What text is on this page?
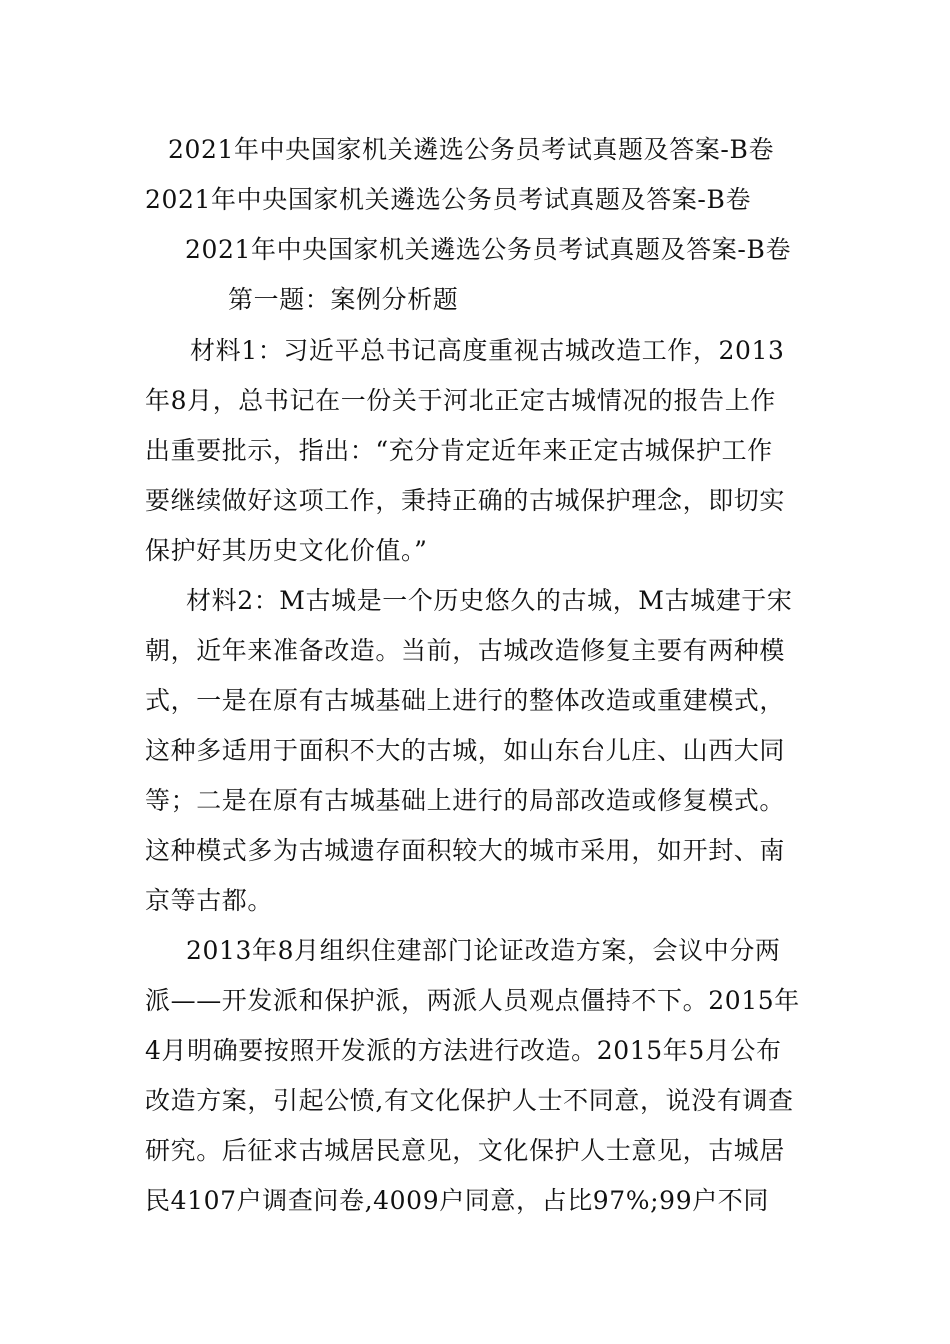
2021年中央国家机关遴选公务员考试真题及答案-B卷
2021年中央国家机关遴选公务员考试真题及答案-B卷
2021年中央国家机关遴选公务员考试真题及答案-B卷
第一题：案例分析题
材料1：习近平总书记高度重视古城改造工作，2013
年8月，总书记在一份关于河北正定古城情况的报告上作
出重要批示，指出：“充分肯定近年来正定古城保护工作
要继续做好这项工作，秉持正确的古城保护理念，即切实
保护好其历史文化价值。”
材料2：M古城是一个历史悠久的古城，M古城建于宋
朝，近年来准备改造。当前，古城改造修复主要有两种模
式，一是在原有古城基础上进行的整体改造或重建模式，
这种多适用于面积不大的古城，如山东台儿庄、山西大同
等；二是在原有古城基础上进行的局部改造或修复模式。
这种模式多为古城遗存面积较大的城市采用，如开封、南
京等古都。
2013年8月组织住建部门论证改造方案，会议中分两
派——开发派和保护派，两派人员观点僵持不下。2015年
4月明确要按照开发派的方法进行改造。2015年5月公布
改造方案，引起公愤,有文化保护人士不同意，说没有调查
研究。后征求古城居民意见，文化保护人士意见，古城居
民4107户调查问卷,4009户同意，占比97%;99户不同
